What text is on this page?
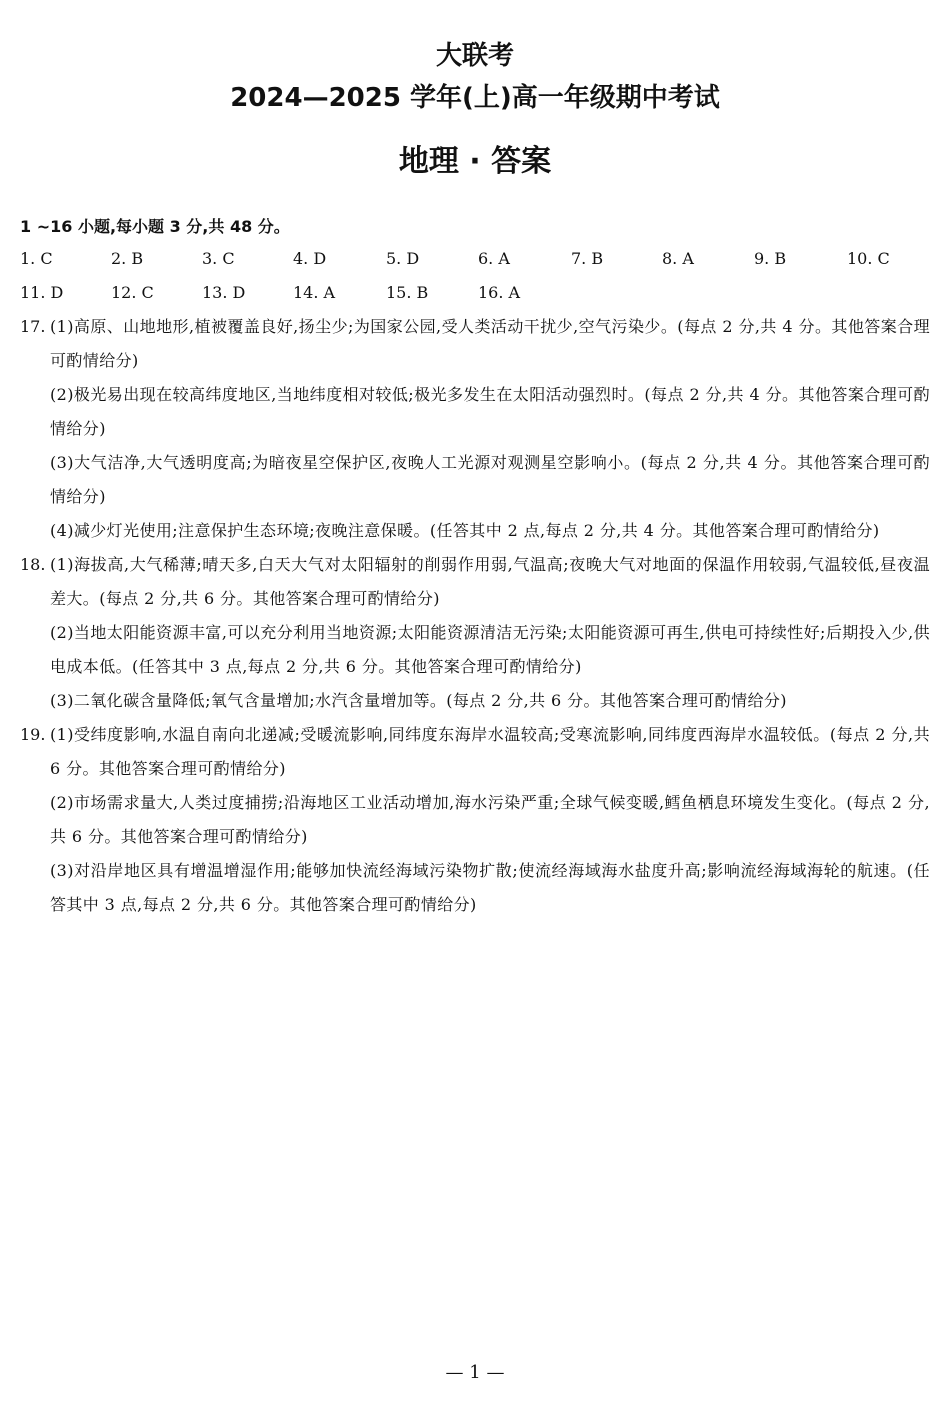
大联考
2024—2025 学年(上)高一年级期中考试
地理 · 答案
1 ~16 小题,每小题 3 分,共 48 分。
1. C	2. B	3. C	4. D	5. D	6. A	7. B	8. A	9. B	10. C
11. D	12. C	13. D	14. A	15. B	16. A
17. (1)高原、山地地形,植被覆盖良好,扬尘少;为国家公园,受人类活动干扰少,空气污染少。(每点 2 分,共 4 分。其他答案合理可酌情给分)
(2)极光易出现在较高纬度地区,当地纬度相对较低;极光多发生在太阳活动强烈时。(每点 2 分,共 4 分。其他答案合理可酌情给分)
(3)大气洁净,大气透明度高;为暗夜星空保护区,夜晚人工光源对观测星空影响小。(每点 2 分,共 4 分。其他答案合理可酌情给分)
(4)减少灯光使用;注意保护生态环境;夜晚注意保暖。(任答其中 2 点,每点 2 分,共 4 分。其他答案合理可酌情给分)
18. (1)海拔高,大气稀薄;晴天多,白天大气对太阳辐射的削弱作用弱,气温高;夜晚大气对地面的保温作用较弱,气温较低,昼夜温差大。(每点 2 分,共 6 分。其他答案合理可酌情给分)
(2)当地太阳能资源丰富,可以充分利用当地资源;太阳能资源清洁无污染;太阳能资源可再生,供电可持续性好;后期投入少,供电成本低。(任答其中 3 点,每点 2 分,共 6 分。其他答案合理可酌情给分)
(3)二氧化碳含量降低;氧气含量增加;水汽含量增加等。(每点 2 分,共 6 分。其他答案合理可酌情给分)
19. (1)受纬度影响,水温自南向北递减;受暖流影响,同纬度东海岸水温较高;受寒流影响,同纬度西海岸水温较低。(每点 2 分,共 6 分。其他答案合理可酌情给分)
(2)市场需求量大,人类过度捕捞;沿海地区工业活动增加,海水污染严重;全球气候变暖,鳕鱼栖息环境发生变化。(每点 2 分,共 6 分。其他答案合理可酌情给分)
(3)对沿岸地区具有增温增湿作用;能够加快流经海域污染物扩散;使流经海域海水盐度升高;影响流经海域海轮的航速。(任答其中 3 点,每点 2 分,共 6 分。其他答案合理可酌情给分)
— 1 —
